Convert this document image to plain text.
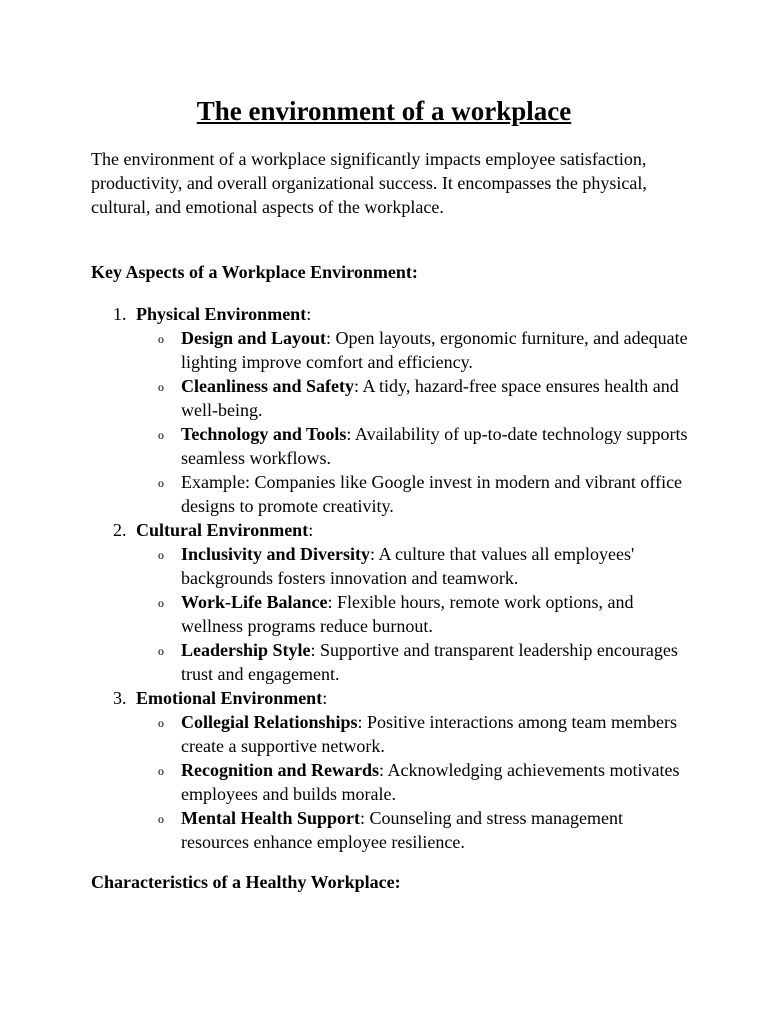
The environment of a workplace

The environment of a workplace significantly impacts employee satisfaction, productivity, and overall organizational success. It encompasses the physical, cultural, and emotional aspects of the workplace.

Key Aspects of a Workplace Environment:

1. Physical Environment:
o Design and Layout: Open layouts, ergonomic furniture, and adequate lighting improve comfort and efficiency.
o Cleanliness and Safety: A tidy, hazard-free space ensures health and well-being.
o Technology and Tools: Availability of up-to-date technology supports seamless workflows.
o Example: Companies like Google invest in modern and vibrant office designs to promote creativity.
2. Cultural Environment:
o Inclusivity and Diversity: A culture that values all employees' backgrounds fosters innovation and teamwork.
o Work-Life Balance: Flexible hours, remote work options, and wellness programs reduce burnout.
o Leadership Style: Supportive and transparent leadership encourages trust and engagement.
3. Emotional Environment:
o Collegial Relationships: Positive interactions among team members create a supportive network.
o Recognition and Rewards: Acknowledging achievements motivates employees and builds morale.
o Mental Health Support: Counseling and stress management resources enhance employee resilience.

Characteristics of a Healthy Workplace:
